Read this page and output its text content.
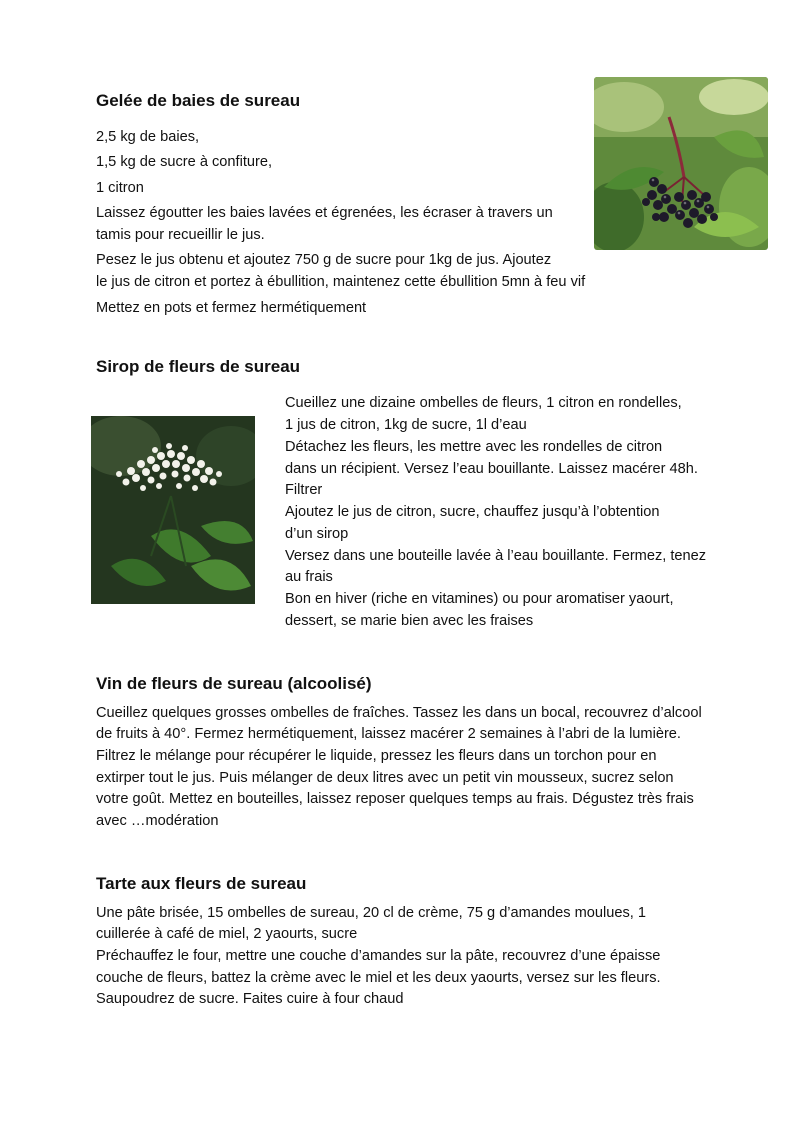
Gelée de baies de sureau
2,5 kg de baies,
1,5 kg de sucre à confiture,
1 citron
Laissez égoutter les baies lavées et égrenées, les écraser à travers un
tamis pour recueillir le jus.
Pesez le jus obtenu et ajoutez 750 g de sucre pour 1kg de jus. Ajoutez
le jus de citron et portez à ébullition, maintenez cette ébullition 5mn à feu vif
Mettez en pots et fermez hermétiquement
Sirop de fleurs de sureau
Cueillez une dizaine ombelles de fleurs, 1 citron en rondelles,
1 jus de citron, 1kg de sucre, 1l d’eau
Détachez les fleurs, les mettre avec les rondelles de citron
dans un récipient. Versez l’eau bouillante. Laissez macérer 48h.
Filtrer
Ajoutez le jus de citron, sucre, chauffez jusqu’à l’obtention
d’un sirop
Versez dans une bouteille lavée à l’eau bouillante. Fermez, tenez
au frais
Bon en hiver (riche en vitamines) ou pour aromatiser yaourt,
dessert, se marie bien avec les fraises
Vin de fleurs de sureau (alcoolisé)
Cueillez quelques grosses ombelles de fraîches. Tassez les dans un bocal, recouvrez d’alcool
de fruits à 40°. Fermez hermétiquement, laissez macérer 2 semaines à l’abri de la lumière.
Filtrez le mélange pour récupérer le liquide, pressez les fleurs dans un torchon pour en
extirper tout le jus. Puis mélanger de deux litres avec un petit vin mousseux, sucrez selon
votre goût. Mettez en bouteilles, laissez reposer quelques temps au frais. Dégustez très frais
avec …modération
Tarte aux fleurs de sureau
Une pâte brisée, 15 ombelles de sureau, 20 cl de crème, 75 g d’amandes moulues, 1
cuillerée à café de miel, 2 yaourts, sucre
Préchauffez le four, mettre une couche d’amandes sur la pâte, recouvrez d’une épaisse
couche de fleurs, battez la crème avec le miel et les deux yaourts, versez sur les fleurs.
Saupoudrez de sucre. Faites cuire à four chaud
